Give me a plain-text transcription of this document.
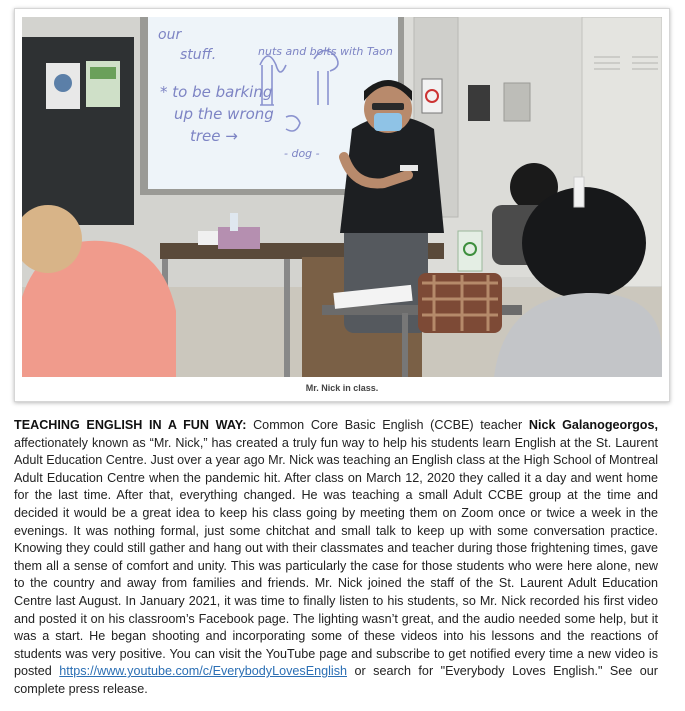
our
stuff.	nuts and bolts with Taon
* to be barking
up the wrong
tree →
- dog -
Mr. Nick in class.

TEACHING ENGLISH IN A FUN WAY: Common Core Basic English (CCBE) teacher Nick Galanogeorgos, affectionately known as “Mr. Nick,” has created a truly fun way to help his students learn English at the St. Laurent Adult Education Centre. Just over a year ago Mr. Nick was teaching an English class at the High School of Montreal Adult Education Centre when the pandemic hit. After class on March 12, 2020 they called it a day and went home for the last time. After that, everything changed. He was teaching a small Adult CCBE group at the time and decided it would be a great idea to keep his class going by meeting them on Zoom once or twice a week in the evenings. It was nothing formal, just some chitchat and small talk to keep up with some conversation practice. Knowing they could still gather and hang out with their classmates and teacher during those frightening times, gave them all a sense of comfort and unity. This was particularly the case for those students who were here alone, new to the country and away from families and friends. Mr. Nick joined the staff of the St. Laurent Adult Education Centre last August. In January 2021, it was time to finally listen to his students, so Mr. Nick recorded his first video and posted it on his classroom’s Facebook page. The lighting wasn’t great, and the audio needed some help, but it was a start. He began shooting and incorporating some of these videos into his lessons and the reactions of students was very positive. You can visit the YouTube page and subscribe to get notified every time a new video is posted https://www.youtube.com/c/EverybodyLovesEnglish or search for "Everybody Loves English." See our complete press release.
